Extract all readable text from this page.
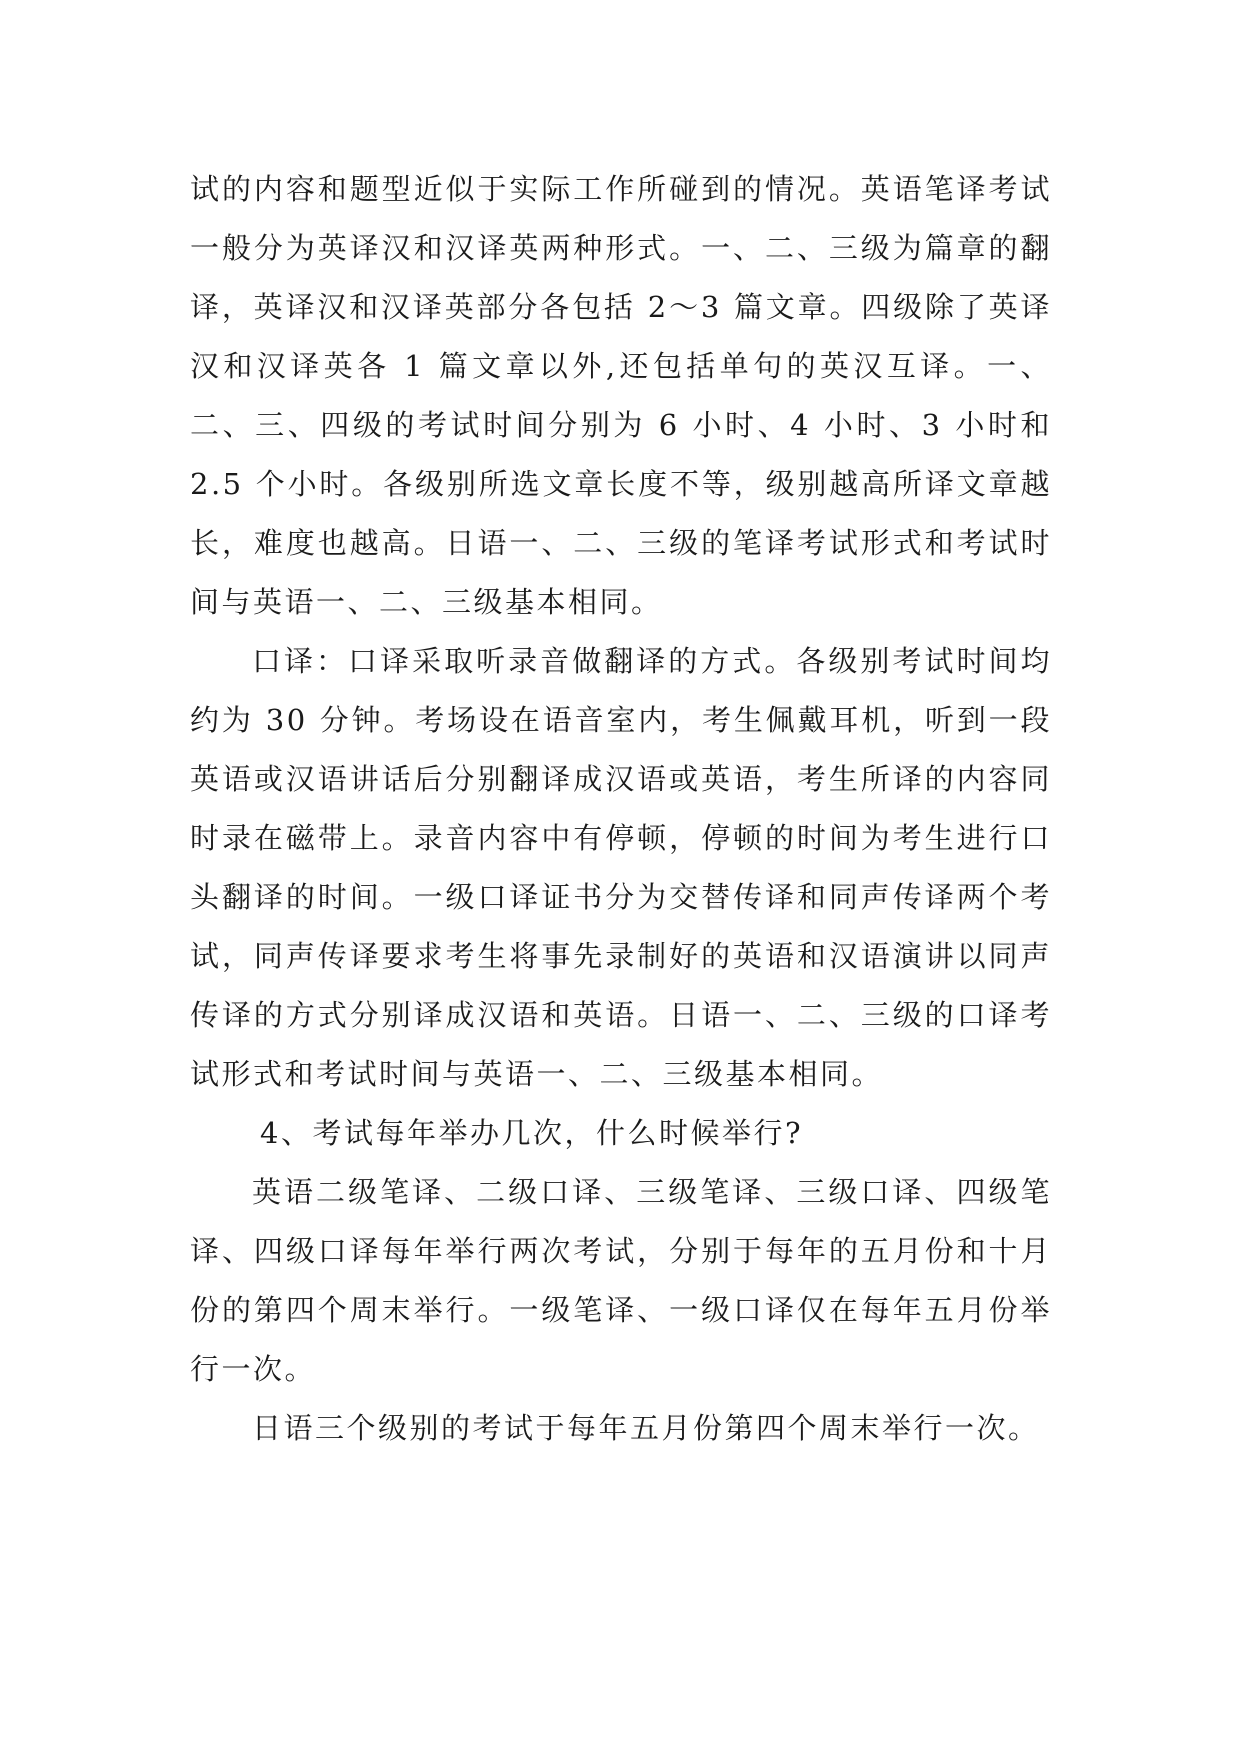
试的内容和题型近似于实际工作所碰到的情况。英语笔译考试一般分为英译汉和汉译英两种形式。一、二、三级为篇章的翻译，英译汉和汉译英部分各包括 2～3 篇文章。四级除了英译汉和汉译英各 1 篇文章以外,还包括单句的英汉互译。一、二、三、四级的考试时间分别为 6 小时、4 小时、3 小时和 2.5 个小时。各级别所选文章长度不等，级别越高所译文章越长，难度也越高。日语一、二、三级的笔译考试形式和考试时间与英语一、二、三级基本相同。

口译：口译采取听录音做翻译的方式。各级别考试时间均约为 30 分钟。考场设在语音室内，考生佩戴耳机，听到一段英语或汉语讲话后分别翻译成汉语或英语，考生所译的内容同时录在磁带上。录音内容中有停顿，停顿的时间为考生进行口头翻译的时间。一级口译证书分为交替传译和同声传译两个考试，同声传译要求考生将事先录制好的英语和汉语演讲以同声传译的方式分别译成汉语和英语。日语一、二、三级的口译考试形式和考试时间与英语一、二、三级基本相同。

4、考试每年举办几次，什么时候举行?

英语二级笔译、二级口译、三级笔译、三级口译、四级笔译、四级口译每年举行两次考试，分别于每年的五月份和十月份的第四个周末举行。一级笔译、一级口译仅在每年五月份举行一次。

日语三个级别的考试于每年五月份第四个周末举行一次。
